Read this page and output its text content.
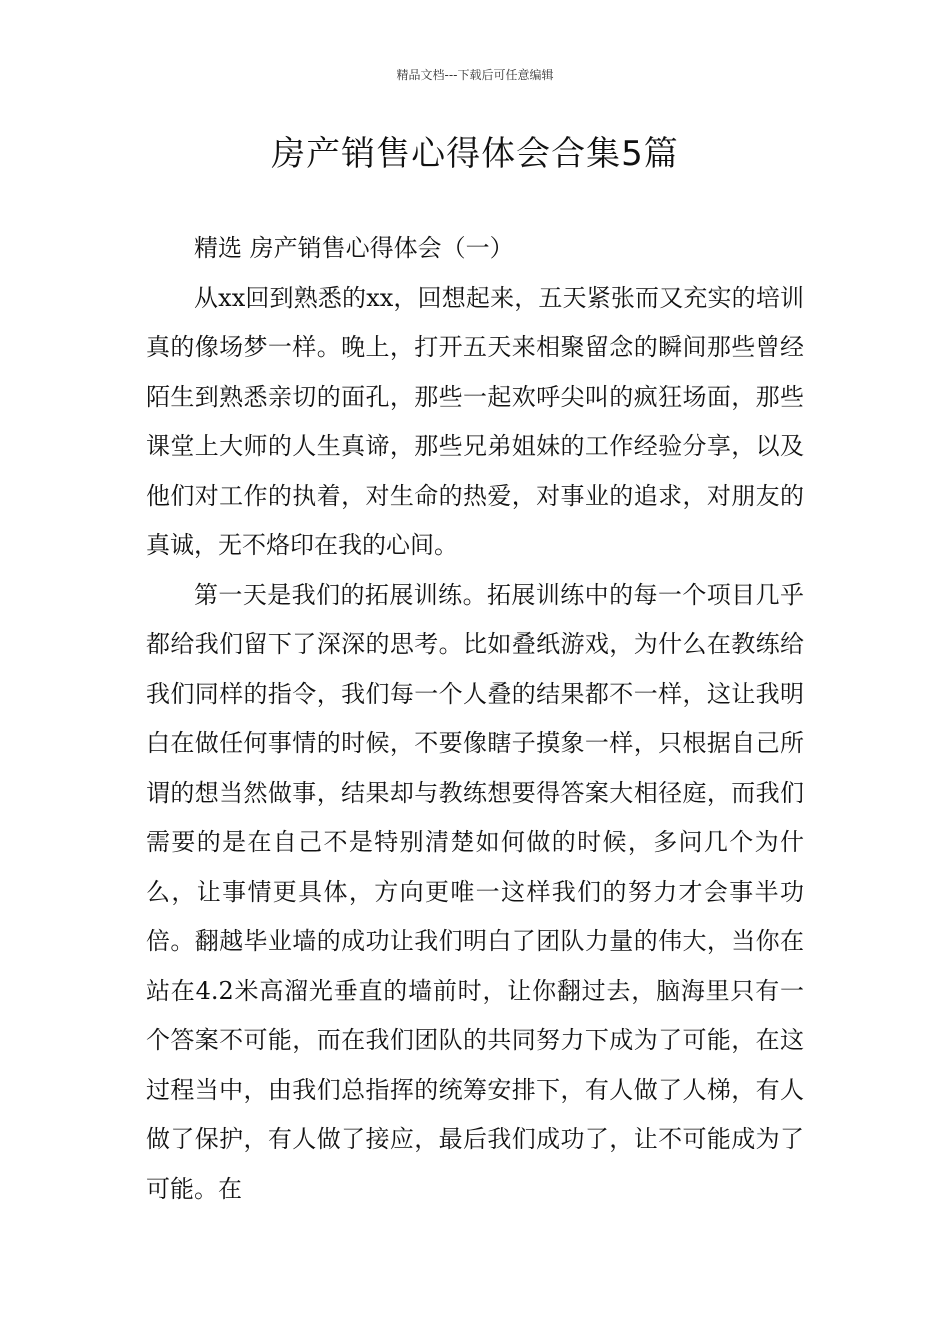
精品文档---下载后可任意编辑
房产销售心得体会合集5篇

精选 房产销售心得体会（一）

从xx回到熟悉的xx，回想起来，五天紧张而又充实的培训真的像场梦一样。晚上，打开五天来相聚留念的瞬间那些曾经陌生到熟悉亲切的面孔，那些一起欢呼尖叫的疯狂场面，那些课堂上大师的人生真谛，那些兄弟姐妹的工作经验分享，以及他们对工作的执着，对生命的热爱，对事业的追求，对朋友的真诚，无不烙印在我的心间。

第一天是我们的拓展训练。拓展训练中的每一个项目几乎都给我们留下了深深的思考。比如叠纸游戏，为什么在教练给我们同样的指令，我们每一个人叠的结果都不一样，这让我明白在做任何事情的时候，不要像瞎子摸象一样，只根据自己所谓的想当然做事，结果却与教练想要得答案大相径庭，而我们需要的是在自己不是特别清楚如何做的时候，多问几个为什么，让事情更具体，方向更唯一这样我们的努力才会事半功倍。翻越毕业墙的成功让我们明白了团队力量的伟大，当你在站在4.2米高溜光垂直的墙前时，让你翻过去，脑海里只有一个答案不可能，而在我们团队的共同努力下成为了可能，在这过程当中，由我们总指挥的统筹安排下，有人做了人梯，有人做了保护，有人做了接应，最后我们成功了，让不可能成为了可能。在
